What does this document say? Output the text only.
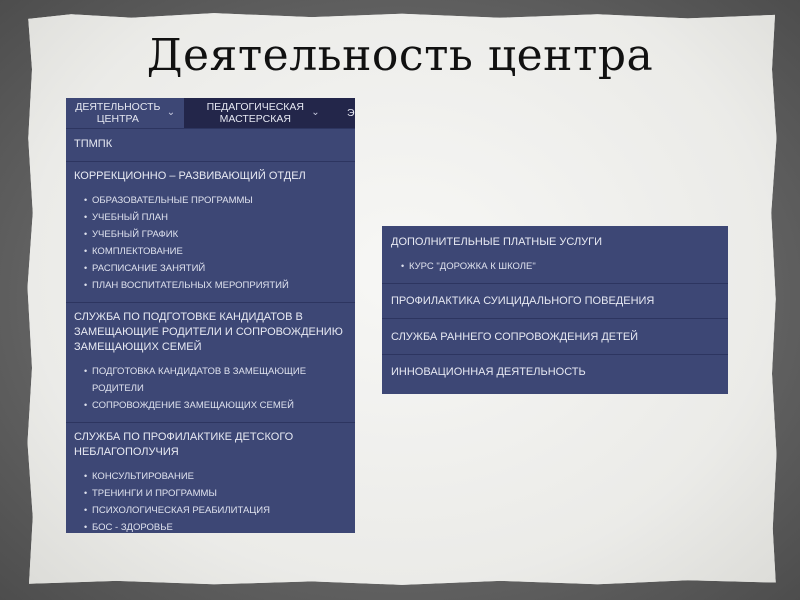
Деятельность центра
ДЕЯТЕЛЬНОСТЬ ЦЕНТРА
⌄	ПЕДАГОГИЧЕСКАЯ МАСТЕРСКАЯ
⌄	Э
ТПМПК
КОРРЕКЦИОННО – РАЗВИВАЮЩИЙ ОТДЕЛ
• ОБРАЗОВАТЕЛЬНЫЕ ПРОГРАММЫ
• УЧЕБНЫЙ ПЛАН
• УЧЕБНЫЙ ГРАФИК
• КОМПЛЕКТОВАНИЕ
• РАСПИСАНИЕ ЗАНЯТИЙ
• ПЛАН ВОСПИТАТЕЛЬНЫХ МЕРОПРИЯТИЙ
СЛУЖБА ПО ПОДГОТОВКЕ КАНДИДАТОВ В ЗАМЕЩАЮЩИЕ РОДИТЕЛИ И СОПРОВОЖДЕНИЮ ЗАМЕЩАЮЩИХ СЕМЕЙ
• ПОДГОТОВКА КАНДИДАТОВ В ЗАМЕЩАЮЩИЕ РОДИТЕЛИ
• СОПРОВОЖДЕНИЕ ЗАМЕЩАЮЩИХ СЕМЕЙ
СЛУЖБА ПО ПРОФИЛАКТИКЕ ДЕТСКОГО НЕБЛАГОПОЛУЧИЯ
• КОНСУЛЬТИРОВАНИЕ
• ТРЕНИНГИ И ПРОГРАММЫ
• ПСИХОЛОГИЧЕСКАЯ РЕАБИЛИТАЦИЯ
• БОС - ЗДОРОВЬЕ
ДОПОЛНИТЕЛЬНЫЕ ПЛАТНЫЕ УСЛУГИ
• КУРС "ДОРОЖКА К ШКОЛЕ"
ПРОФИЛАКТИКА СУИЦИДАЛЬНОГО ПОВЕДЕНИЯ
СЛУЖБА РАННЕГО СОПРОВОЖДЕНИЯ ДЕТЕЙ
ИННОВАЦИОННАЯ ДЕЯТЕЛЬНОСТЬ
